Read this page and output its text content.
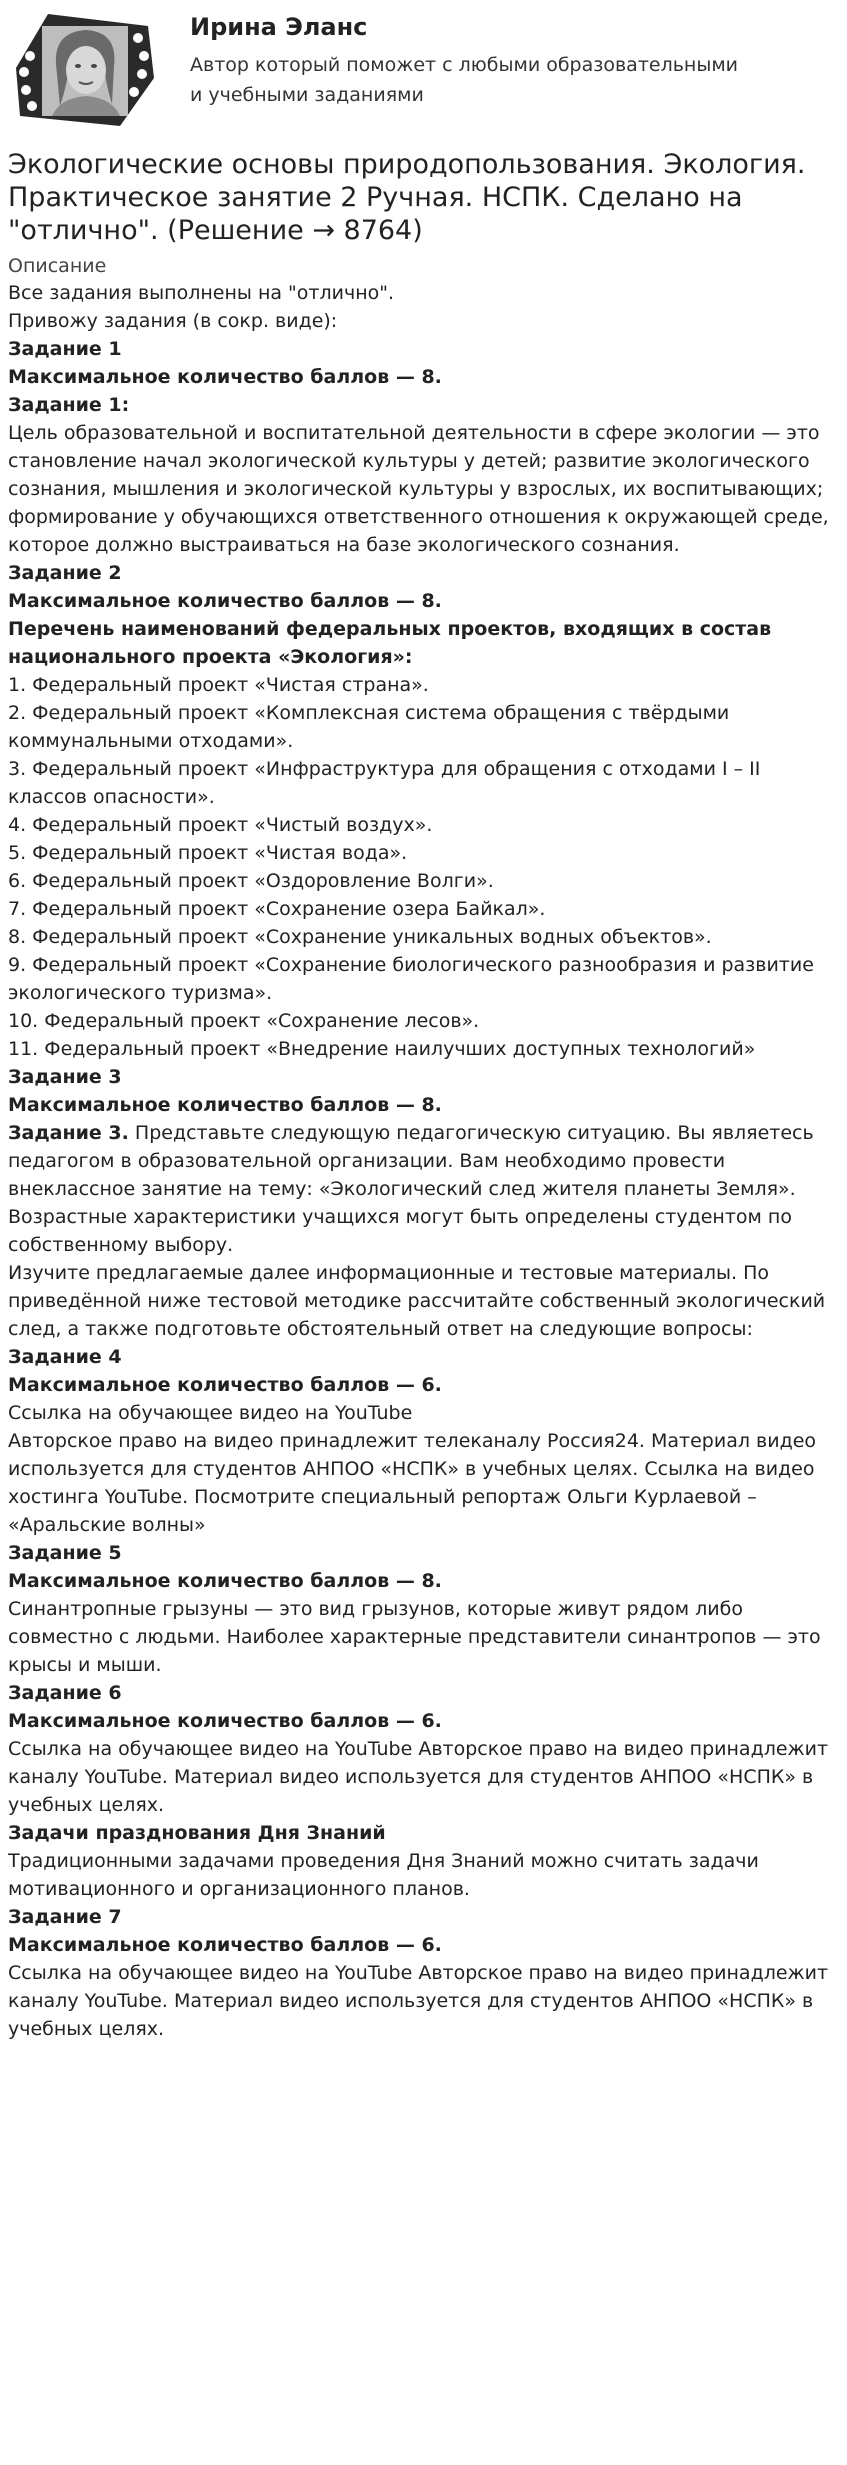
Ирина Эланс
Автор который поможет с любыми образовательными и учебными заданиями
Экологические основы природопользования. Экология. Практическое занятие 2 Ручная. НСПК. Сделано на "отлично". (Решение → 8764)
Описание

Все задания выполнены на "отлично".

Привожу задания (в сокр. виде):

Задание 1

Максимальное количество баллов — 8.

Задание 1:

Цель образовательной и воспитательной деятельности в сфере экологии — это становление начал экологической культуры у детей; развитие экологического сознания, мышления и экологической культуры у взрослых, их воспитывающих; формирование у обучающихся ответственного отношения к окружающей среде, которое должно выстраиваться на базе экологического сознания.

Задание 2

Максимальное количество баллов — 8.

Перечень наименований федеральных проектов, входящих в состав национального проекта «Экология»:

1. Федеральный проект «Чистая страна».

2. Федеральный проект «Комплексная система обращения с твёрдыми коммунальными отходами».

3. Федеральный проект «Инфраструктура для обращения с отходами I – II классов опасности».

4. Федеральный проект «Чистый воздух».

5. Федеральный проект «Чистая вода».

6. Федеральный проект «Оздоровление Волги».

7. Федеральный проект «Сохранение озера Байкал».

8. Федеральный проект «Сохранение уникальных водных объектов».

9. Федеральный проект «Сохранение биологического разнообразия и развитие экологического туризма».

10. Федеральный проект «Сохранение лесов».

11. Федеральный проект «Внедрение наилучших доступных технологий»

Задание 3

Максимальное количество баллов — 8.

Задание 3. Представьте следующую педагогическую ситуацию. Вы являетесь педагогом в образовательной организации. Вам необходимо провести внеклассное занятие на тему: «Экологический след жителя планеты Земля». Возрастные характеристики учащихся могут быть определены студентом по собственному выбору.

Изучите предлагаемые далее информационные и тестовые материалы. По приведённой ниже тестовой методике рассчитайте собственный экологический след, а также подготовьте обстоятельный ответ на следующие вопросы:

Задание 4

Максимальное количество баллов — 6.

Ссылка на обучающее видео на YouTube

Авторское право на видео принадлежит телеканалу Россия24. Материал видео используется для студентов АНПОО «НСПК» в учебных целях. Ссылка на видео хостинга YouTube. Посмотрите специальный репортаж Ольги Курлаевой – «Аральские волны»

Задание 5

Максимальное количество баллов — 8.

Синантропные грызуны — это вид грызунов, которые живут рядом либо совместно с людьми. Наиболее характерные представители синантропов — это крысы и мыши.

Задание 6

Максимальное количество баллов — 6.

Ссылка на обучающее видео на YouTube Авторское право на видео принадлежит каналу YouTube. Материал видео используется для студентов АНПОО «НСПК» в учебных целях.

Задачи празднования Дня Знаний

Традиционными задачами проведения Дня Знаний можно считать задачи мотивационного и организационного планов.

Задание 7

Максимальное количество баллов — 6.

Ссылка на обучающее видео на YouTube Авторское право на видео принадлежит каналу YouTube. Материал видео используется для студентов АНПОО «НСПК» в учебных целях.
